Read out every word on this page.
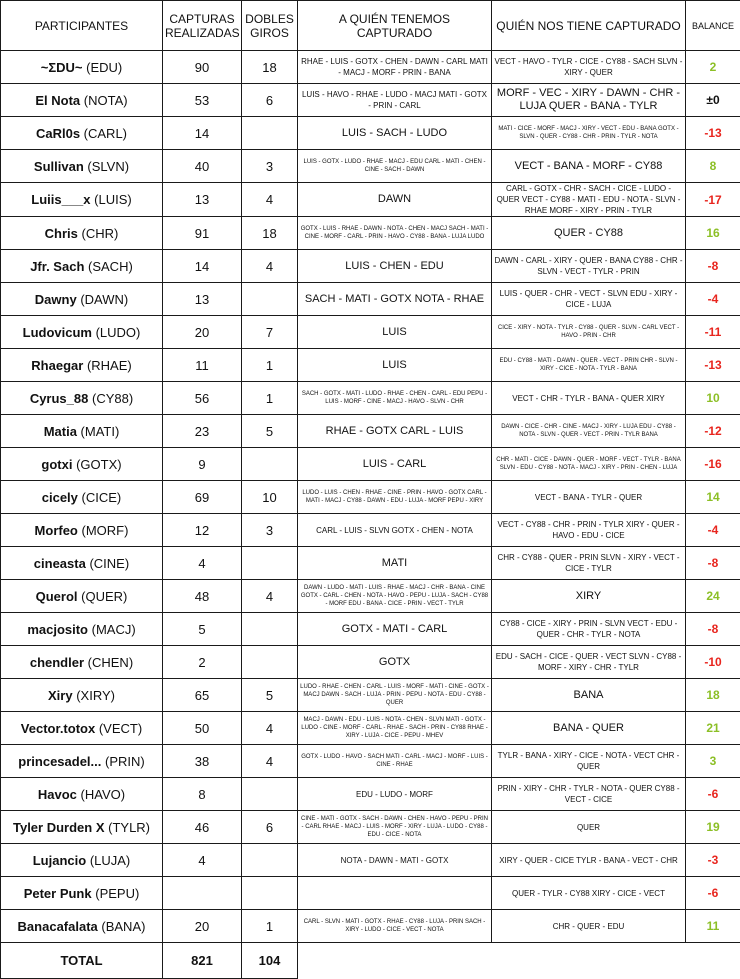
PARTICIPANTES	CAPTURAS REALIZADAS	DOBLES GIROS	A QUIÉN TENEMOS CAPTURADO	QUIÉN NOS TIENE CAPTURADO	BALANCE
~ΣDU~ (EDU)	90	18	RHAE - LUIS - GOTX - CHEN - DAWN - CARL MATI - MACJ - MORF - PRIN - BANA	VECT - HAVO - TYLR - CICE - CY88 - SACH SLVN - XIRY - QUER	2
El Nota (NOTA)	53	6	LUIS - HAVO - RHAE - LUDO - MACJ MATI - GOTX - PRIN - CARL	MORF - VEC - XIRY - DAWN - CHR - LUJA QUER - BANA - TYLR	±0
CaRl0s (CARL)	14		LUIS - SACH - LUDO	MATI - CICE - MORF - MACJ - XIRY - VECT - EDU - BANA GOTX - SLVN - QUER - CY88 - CHR - PRIN - TYLR - NOTA	-13
Sullivan (SLVN)	40	3	LUIS - GOTX - LUDO - RHAE - MACJ - EDU CARL - MATI - CHEN - CINE - SACH - DAWN	VECT - BANA - MORF - CY88	8
Luiis___x (LUIS)	13	4	DAWN	CARL - GOTX - CHR - SACH - CICE - LUDO - QUER VECT - CY88 - MATI - EDU - NOTA - SLVN - RHAE MORF - XIRY - PRIN - TYLR	-17
Chris (CHR)	91	18	GOTX - LUIS - RHAE - DAWN - NOTA - CHEN - MACJ SACH - MATI - CINE - MORF - CARL - PRIN - HAVO - CY88 - BANA - LUJA LUDO	QUER - CY88	16
Jfr. Sach (SACH)	14	4	LUIS - CHEN - EDU	DAWN - CARL - XIRY - QUER - BANA CY88 - CHR - SLVN - VECT - TYLR - PRIN	-8
Dawny (DAWN)	13		SACH - MATI - GOTX NOTA - RHAE	LUIS - QUER - CHR - VECT - SLVN EDU - XIRY - CICE - LUJA	-4
Ludovicum (LUDO)	20	7	LUIS	CICE - XIRY - NOTA - TYLR - CY88 - QUER - SLVN - CARL VECT - HAVO - PRIN - CHR	-11
Rhaegar (RHAE)	11	1	LUIS	EDU - CY88 - MATI - DAWN - QUER - VECT - PRIN CHR - SLVN - XIRY - CICE - NOTA - TYLR - BANA	-13
Cyrus_88 (CY88)	56	1	SACH - GOTX - MATI - LUDO - RHAE - CHEN - CARL - EDU PEPU - LUIS - MORF - CINE - MACJ - HAVO - SLVN - CHR	VECT - CHR - TYLR - BANA - QUER XIRY	10
Matia (MATI)	23	5	RHAE - GOTX CARL - LUIS	DAWN - CICE - CHR - CINE - MACJ - XIRY - LUJA EDU - CY88 - NOTA - SLVN - QUER - VECT - PRIN - TYLR BANA	-12
gotxi (GOTX)	9		LUIS - CARL	CHR - MATI - CICE - DAWN - QUER - MORF - VECT - TYLR - BANA SLVN - EDU - CY88 - NOTA - MACJ - XIRY - PRIN - CHEN - LUJA	-16
cicely (CICE)	69	10	LUDO - LUIS - CHEN - RHAE - CINE - PRIN - HAVO - GOTX CARL - MATI - MACJ - CY88 - DAWN - EDU - LUJA - MORF PEPU - XIRY	VECT - BANA - TYLR - QUER	14
Morfeo (MORF)	12	3	CARL - LUIS - SLVN GOTX - CHEN - NOTA	VECT - CY88 - CHR - PRIN - TYLR XIRY - QUER - HAVO - EDU - CICE	-4
cineasta (CINE)	4		MATI	CHR - CY88 - QUER - PRIN SLVN - XIRY - VECT - CICE - TYLR	-8
Querol (QUER)	48	4	DAWN - LUDO - MATI - LUIS - RHAE - MACJ - CHR - BANA - CINE GOTX - CARL - CHEN - NOTA - HAVO - PEPU - LUJA - SACH - CY88 - MORF EDU - BANA - CICE - PRIN - VECT - TYLR	XIRY	24
macjosito (MACJ)	5		GOTX - MATI - CARL	CY88 - CICE - XIRY - PRIN - SLVN VECT - EDU - QUER - CHR - TYLR - NOTA	-8
chendler (CHEN)	2		GOTX	EDU - SACH - CICE - QUER - VECT SLVN - CY88 - MORF - XIRY - CHR - TYLR	-10
Xiry (XIRY)	65	5	LUDO - RHAE - CHEN - CARL - LUIS - MORF - MATI - CINE - GOTX - MACJ DAWN - SACH - LUJA - PRIN - PEPU - NOTA - EDU - CY88 - QUER	BANA	18
Vector.totox (VECT)	50	4	MACJ - DAWN - EDU - LUIS - NOTA - CHEN - SLVN MATI - GOTX - LUDO - CINE - MORF - CARL - RHAE - SACH - PRIN - CY88 RHAE - XIRY - LUJA - CICE - PEPU - MHEV	BANA - QUER	21
princesadel... (PRIN)	38	4	GOTX - LUDO - HAVO - SACH MATI - CARL - MACJ - MORF - LUIS - CINE - RHAE	TYLR - BANA - XIRY - CICE - NOTA - VECT CHR - QUER	3
Havoc (HAVO)	8		EDU - LUDO - MORF	PRIN - XIRY - CHR - TYLR - NOTA - QUER CY88 - VECT - CICE	-6
Tyler Durden X (TYLR)	46	6	CINE - MATI - GOTX - SACH - DAWN - CHEN - HAVO - PEPU - PRIN - CARL RHAE - MACJ - LUIS - MORF - XIRY - LUJA - LUDO - CY88 - EDU - CICE - NOTA	QUER	19
Lujancio (LUJA)	4		NOTA - DAWN - MATI - GOTX	XIRY - QUER - CICE TYLR - BANA - VECT - CHR	-3
Peter Punk (PEPU)				QUER - TYLR - CY88 XIRY - CICE - VECT	-6
Banacafalata (BANA)	20	1	CARL - SLVN - MATI - GOTX - RHAE - CY88 - LUJA - PRIN SACH - XIRY - LUDO - CICE - VECT - NOTA	CHR - QUER - EDU	11
TOTAL	821	104			
